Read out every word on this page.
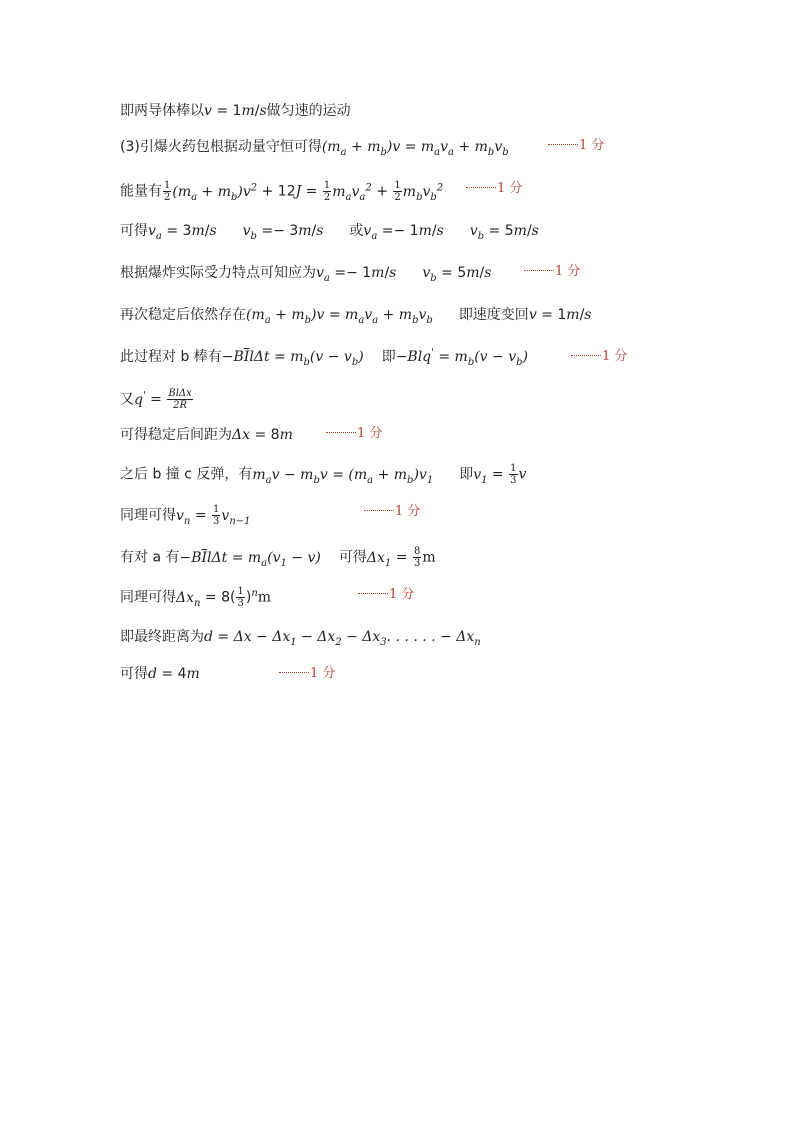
即两导体棒以v = 1m/s做匀速的运动
(3)引爆火药包根据动量守恒可得$(m_a + m_b)v = m_av_a + m_bv_b$	1 分
能量有 $\frac{1}{2} (m_a + m_b)v^2 + 12J = \frac{1}{2} m_av_a^2 + \frac{1}{2} m_bv_b^2$	1 分
可得$v_a = 3m/s$ $v_b =- 3m/s$ 或$v_a =- 1m/s$ $v_b = 5m/s$
根据爆炸实际受力特点可知应为$v_a =- 1m/s$ $v_b = 5m/s$	1 分
再次稳定后依然存在$(m_a + m_b)v = m_av_a + m_bv_b$ 即速度变回v = 1m/s
此过程对 b 棒有$-B\overline{I}l\Delta t = m_b(v - v_b)$ 即$-Blq' = m_b(v - v_b)$	1 分
又$q' = \frac{\text{BlΔx}}{2R}$
可得稳定后间距为Δx = 8m	1 分
之后 b 撞 c 反弹，有$m_av - m_bv = (m_a + m_b)v_1$ 即$v_1 = \frac{1}{3}$ v
同理可得$v_n = \frac{1}{3} v_{n-1}$
1 分
有对 a 有$-B\overline{I}l\Delta t = m_a(v_1 - v)$ 可得$\Delta x_1 = \frac{8}{3}$ m
同理可得$\Delta x_n = 8( \frac{1}{3} )^nm$	1 分
即最终距离为$d = \Delta x - \Delta x_1 - \Delta x_2 - \Delta x_3$. . . . . . − $\Delta x_n$
可得d = 4m	1 分
